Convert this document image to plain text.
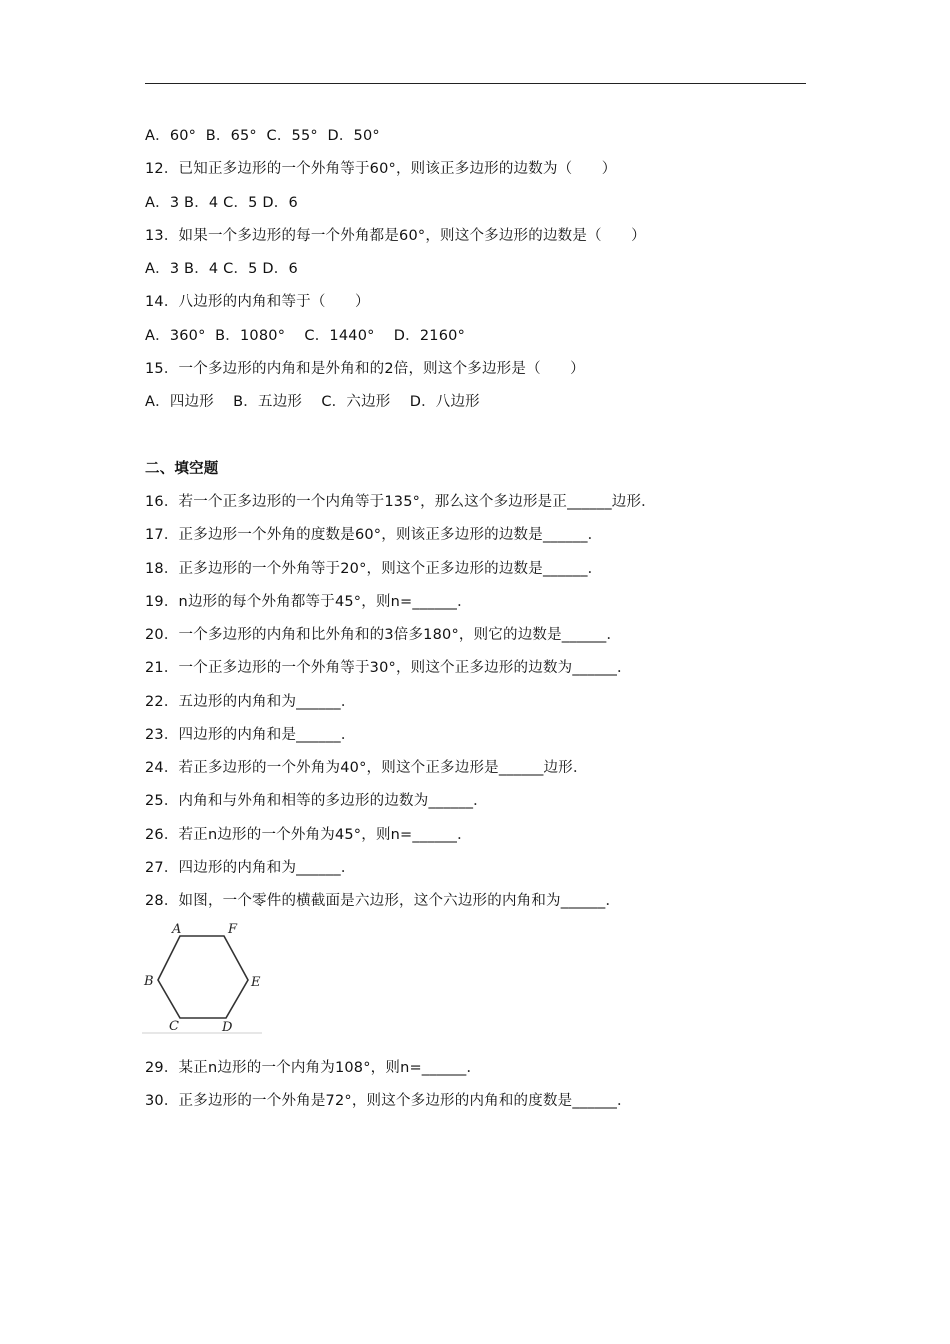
A．60°  B．65°  C．55°  D．50°
12．已知正多边形的一个外角等于60°，则该正多边形的边数为（　　）
A．3 B．4 C．5 D．6
13．如果一个多边形的每一个外角都是60°，则这个多边形的边数是（　　）
A．3 B．4 C．5 D．6
14．八边形的内角和等于（　　）
A．360°  B．1080°    C．1440°    D．2160°
15．一个多边形的内角和是外角和的2倍，则这个多边形是（　　）
A．四边形    B．五边形    C．六边形    D．八边形
二、填空题
16．若一个正多边形的一个内角等于135°，那么这个多边形是正______边形．
17．正多边形一个外角的度数是60°，则该正多边形的边数是______．
18．正多边形的一个外角等于20°，则这个正多边形的边数是______．
19．n边形的每个外角都等于45°，则n=______．
20．一个多边形的内角和比外角和的3倍多180°，则它的边数是______．
21．一个正多边形的一个外角等于30°，则这个正多边形的边数为______．
22．五边形的内角和为______．
23．四边形的内角和是______．
24．若正多边形的一个外角为40°，则这个正多边形是______边形．
25．内角和与外角和相等的多边形的边数为______．
26．若正n边形的一个外角为45°，则n=______．
27．四边形的内角和为______．
28．如图，一个零件的横截面是六边形，这个六边形的内角和为______．
A	F
B	E
C	D
29．某正n边形的一个内角为108°，则n=______．
30．正多边形的一个外角是72°，则这个多边形的内角和的度数是______．
